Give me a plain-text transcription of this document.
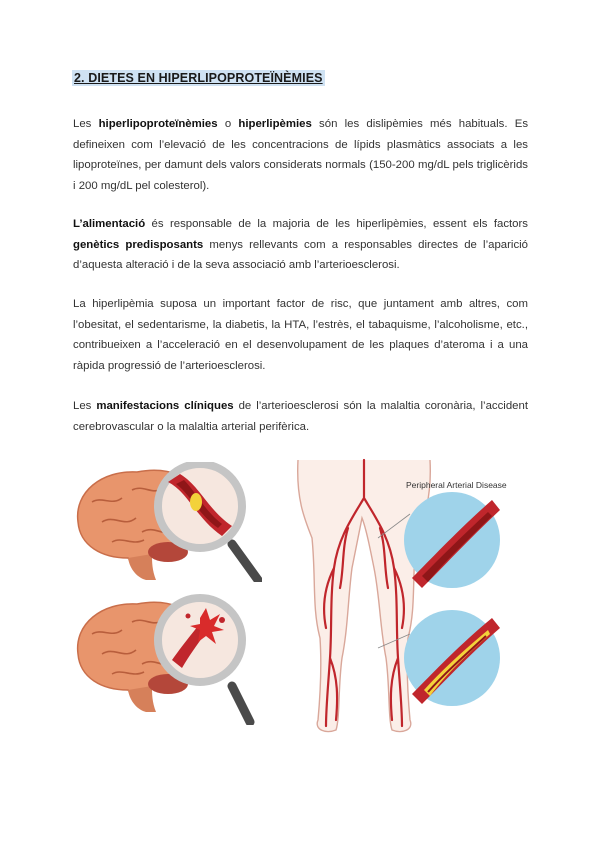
2. DIETES EN HIPERLIPOPROTEÏNÈMIES

Les hiperlipoproteïnèmies o hiperlipèmies són les dislipèmies més habituals. Es defineixen com l’elevació de les concentracions de lípids plasmàtics associats a les lipoproteïnes, per damunt dels valors considerats normals (150-200 mg/dL pels triglicèrids i 200 mg/dL pel colesterol).

L’alimentació és responsable de la majoria de les hiperlipèmies, essent els factors genètics predisposants menys rellevants com a responsables directes de l’aparició d’aquesta alteració i de la seva associació amb l’arterioesclerosi.

La hiperlipèmia suposa un important factor de risc, que juntament amb altres, com l’obesitat, el sedentarisme, la diabetis, la HTA, l’estrès, el tabaquisme, l’alcoholisme, etc., contribueixen a l’acceleració en el desenvolupament de les plaques d’ateroma i a una ràpida progressió de l’arterioesclerosi.

Les manifestacions clíniques de l’arterioesclerosi són la malaltia coronària, l’accident cerebrovascular o la malaltia arterial perifèrica.

Peripheral Arterial Disease
